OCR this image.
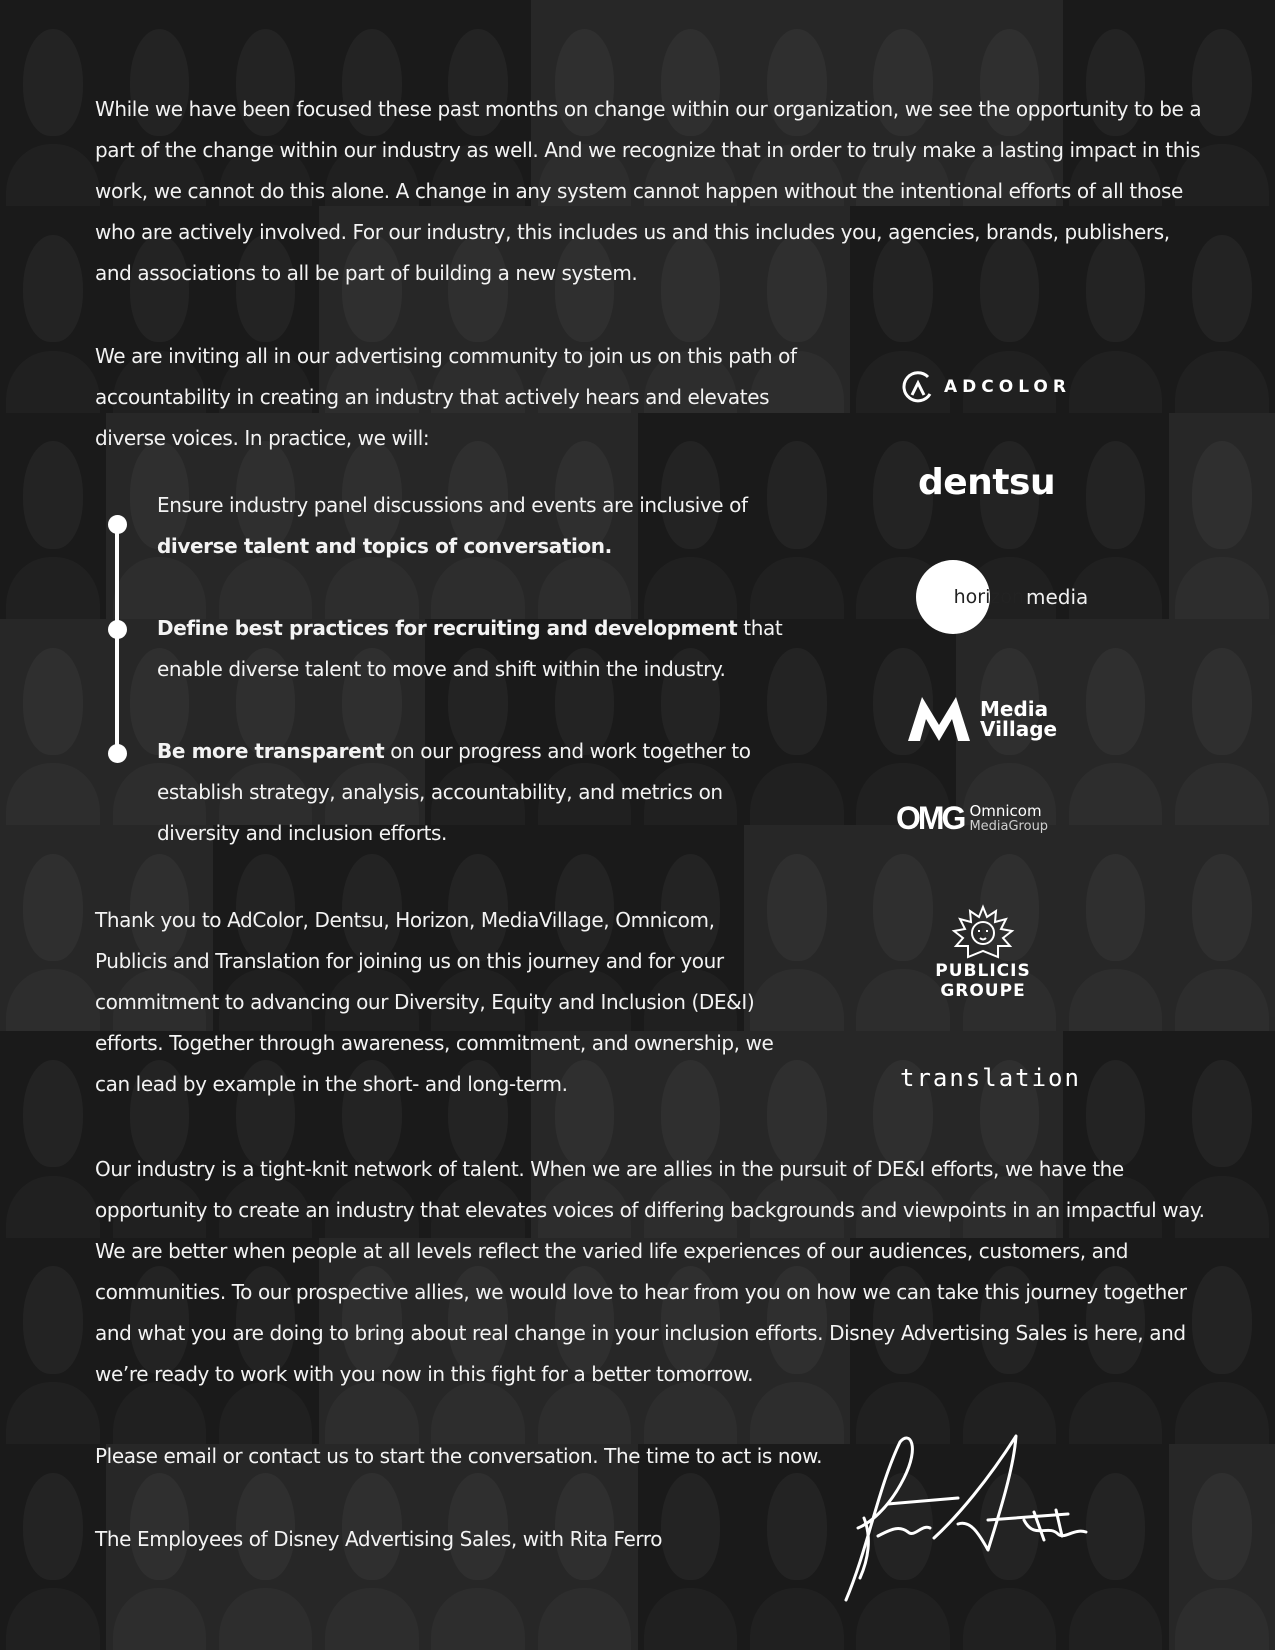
While we have been focused these past months on change within our organization, we see the opportunity to be a part of the change within our industry as well. And we recognize that in order to truly make a lasting impact in this work, we cannot do this alone. A change in any system cannot happen without the intentional efforts of all those who are actively involved. For our industry, this includes us and this includes you, agencies, brands, publishers, and associations to all be part of building a new system.

We are inviting all in our advertising community to join us on this path of accountability in creating an industry that actively hears and elevates diverse voices. In practice, we will:

Ensure industry panel discussions and events are inclusive of diverse talent and topics of conversation.

Define best practices for recruiting and development that enable diverse talent to move and shift within the industry.

Be more transparent on our progress and work together to establish strategy, analysis, accountability, and metrics on diversity and inclusion efforts.

Thank you to AdColor, Dentsu, Horizon, MediaVillage, Omnicom, Publicis and Translation for joining us on this journey and for your commitment to advancing our Diversity, Equity and Inclusion (DE&I) efforts. Together through awareness, commitment, and ownership, we can lead by example in the short- and long-term.

Our industry is a tight-knit network of talent. When we are allies in the pursuit of DE&I efforts, we have the opportunity to create an industry that elevates voices of differing backgrounds and viewpoints in an impactful way. We are better when people at all levels reflect the varied life experiences of our audiences, customers, and communities. To our prospective allies, we would love to hear from you on how we can take this journey together and what you are doing to bring about real change in your inclusion efforts. Disney Advertising Sales is here, and we’re ready to work with you now in this fight for a better tomorrow.

Please email or contact us to start the conversation. The time to act is now.

The Employees of Disney Advertising Sales, with Rita Ferro

ADCOLOR
dentsu
horizon media
Media
Village
OMG Omnicom
MediaGroup
PUBLICIS
GROUPE
translation
